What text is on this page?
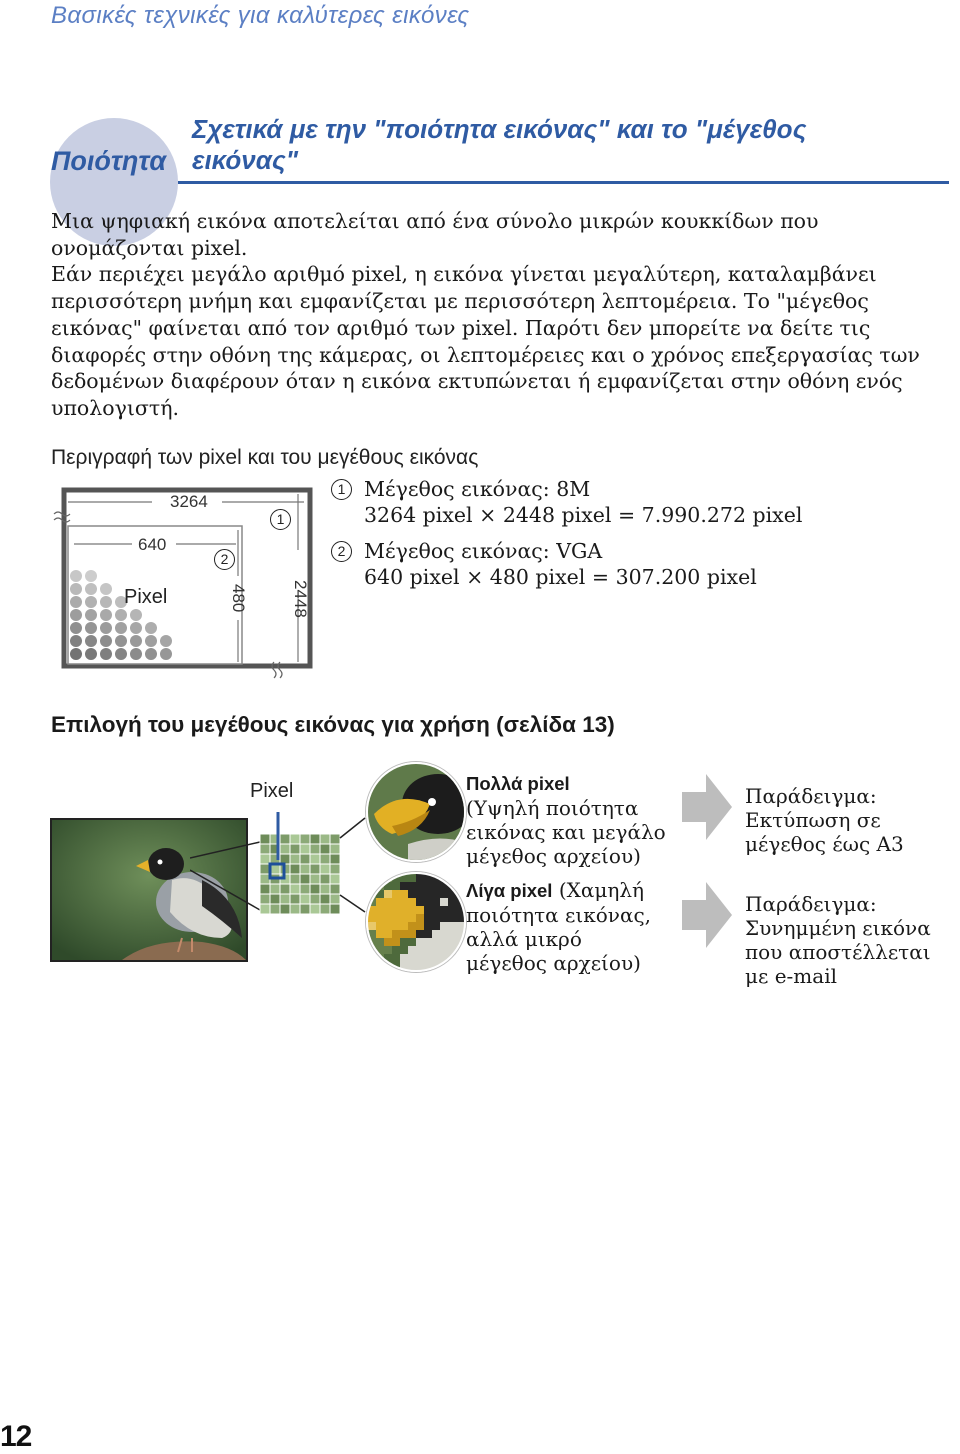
Βασικές τεχνικές για καλύτερες εικόνες
Ποιότητα
Σχετικά με την "ποιότητα εικόνας" και το "μέγεθος εικόνας"

Μια ψηφιακή εικόνα αποτελείται από ένα σύνολο μικρών κουκκίδων που ονομάζονται pixel.

Εάν περιέχει μεγάλο αριθμό pixel, η εικόνα γίνεται μεγαλύτερη, καταλαμβάνει περισσότερη μνήμη και εμφανίζεται με περισσότερη λεπτομέρεια. Το "μέγεθος εικόνας" φαίνεται από τον αριθμό των pixel. Παρότι δεν μπορείτε να δείτε τις διαφορές στην οθόνη της κάμερας, οι λεπτομέρειες και ο χρόνος επεξεργασίας των δεδομένων διαφέρουν όταν η εικόνα εκτυπώνεται ή εμφανίζεται στην οθόνη ενός υπολογιστή.

Περιγραφή των pixel και του μεγέθους εικόνας
3264
2448
640
480
Pixel
1
2
1 Μέγεθος εικόνας: 8M
3264 pixel × 2448 pixel = 7.990.272 pixel
2 Μέγεθος εικόνας: VGA
640 pixel × 480 pixel = 307.200 pixel
Επιλογή του μεγέθους εικόνας για χρήση (σελίδα 13)
Pixel	Πολλά pixel
(Υψηλή ποιότητα εικόνας και μεγάλο μέγεθος αρχείου)
Λίγα pixel (Χαμηλή ποιότητα εικόνας, αλλά μικρό μέγεθος αρχείου)
Παράδειγμα:
Εκτύπωση σε μέγεθος έως A3
Παράδειγμα:
Συνημμένη εικόνα που αποστέλλεται με e-mail
12
